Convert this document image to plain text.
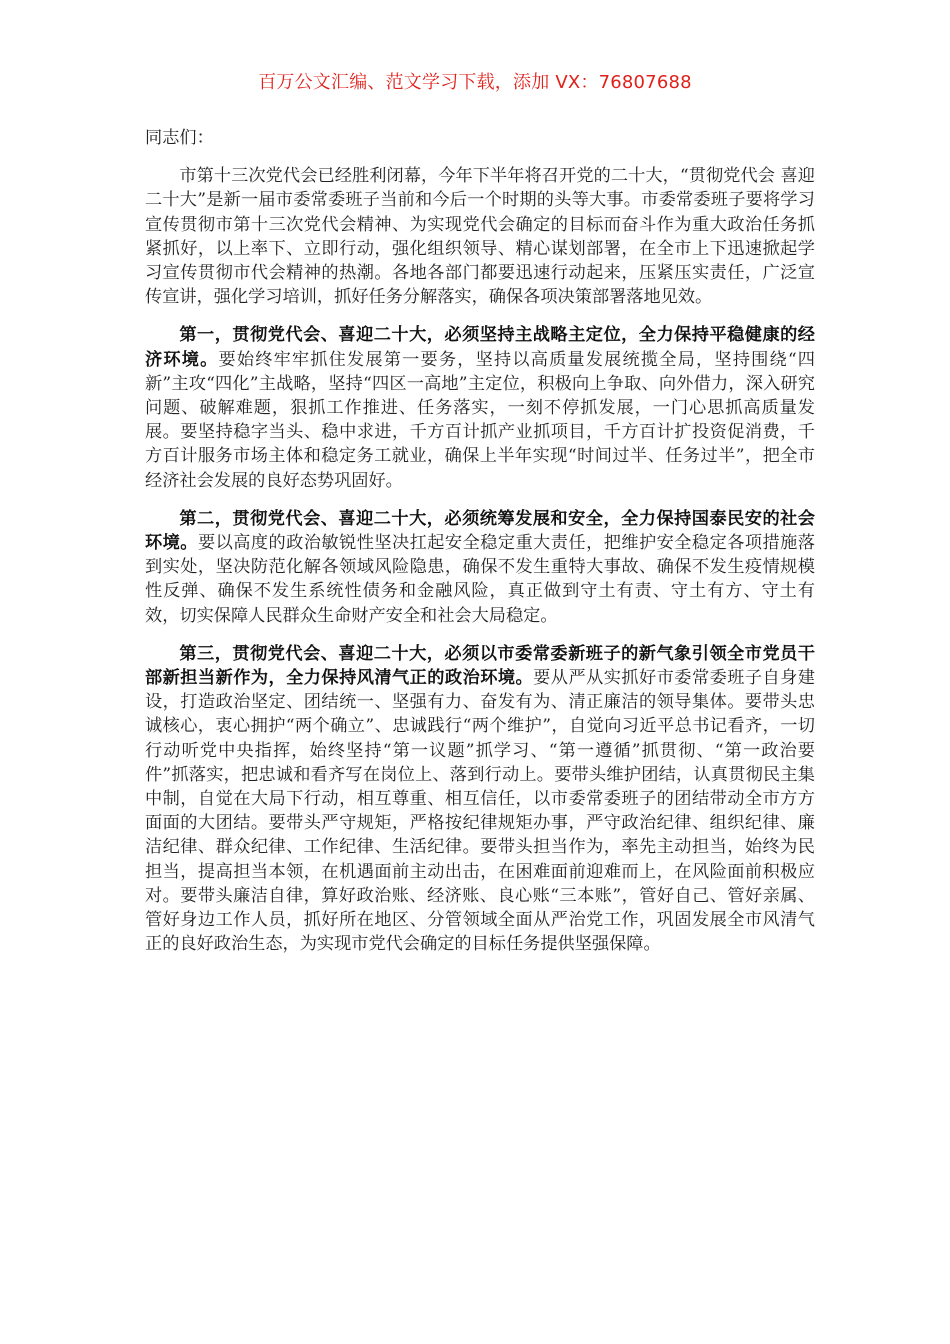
百万公文汇编、范文学习下载，添加 VX：76807688

同志们：

市第十三次党代会已经胜利闭幕，今年下半年将召开党的二十大，“贯彻党代会 喜迎二十大”是新一届市委常委班子当前和今后一个时期的头等大事。市委常委班子要将学习宣传贯彻市第十三次党代会精神、为实现党代会确定的目标而奋斗作为重大政治任务抓紧抓好，以上率下、立即行动，强化组织领导、精心谋划部署，在全市上下迅速掀起学习宣传贯彻市代会精神的热潮。各地各部门都要迅速行动起来，压紧压实责任，广泛宣传宣讲，强化学习培训，抓好任务分解落实，确保各项决策部署落地见效。

第一，贯彻党代会、喜迎二十大，必须坚持主战略主定位，全力保持平稳健康的经济环境。要始终牢牢抓住发展第一要务，坚持以高质量发展统揽全局，坚持围绕“四新”主攻“四化”主战略，坚持“四区一高地”主定位，积极向上争取、向外借力，深入研究问题、破解难题，狠抓工作推进、任务落实，一刻不停抓发展，一门心思抓高质量发展。要坚持稳字当头、稳中求进，千方百计抓产业抓项目，千方百计扩投资促消费，千方百计服务市场主体和稳定务工就业，确保上半年实现“时间过半、任务过半”，把全市经济社会发展的良好态势巩固好。

第二，贯彻党代会、喜迎二十大，必须统筹发展和安全，全力保持国泰民安的社会环境。要以高度的政治敏锐性坚决扛起安全稳定重大责任，把维护安全稳定各项措施落到实处，坚决防范化解各领域风险隐患，确保不发生重特大事故、确保不发生疫情规模性反弹、确保不发生系统性债务和金融风险，真正做到守土有责、守土有方、守土有效，切实保障人民群众生命财产安全和社会大局稳定。

第三，贯彻党代会、喜迎二十大，必须以市委常委新班子的新气象引领全市党员干部新担当新作为，全力保持风清气正的政治环境。要从严从实抓好市委常委班子自身建设，打造政治坚定、团结统一、坚强有力、奋发有为、清正廉洁的领导集体。要带头忠诚核心，衷心拥护“两个确立”、忠诚践行“两个维护”，自觉向习近平总书记看齐，一切行动听党中央指挥，始终坚持“第一议题”抓学习、“第一遵循”抓贯彻、“第一政治要件”抓落实，把忠诚和看齐写在岗位上、落到行动上。要带头维护团结，认真贯彻民主集中制，自觉在大局下行动，相互尊重、相互信任，以市委常委班子的团结带动全市方方面面的大团结。要带头严守规矩，严格按纪律规矩办事，严守政治纪律、组织纪律、廉洁纪律、群众纪律、工作纪律、生活纪律。要带头担当作为，率先主动担当，始终为民担当，提高担当本领，在机遇面前主动出击，在困难面前迎难而上，在风险面前积极应对。要带头廉洁自律，算好政治账、经济账、良心账“三本账”，管好自己、管好亲属、管好身边工作人员，抓好所在地区、分管领域全面从严治党工作，巩固发展全市风清气正的良好政治生态，为实现市党代会确定的目标任务提供坚强保障。
